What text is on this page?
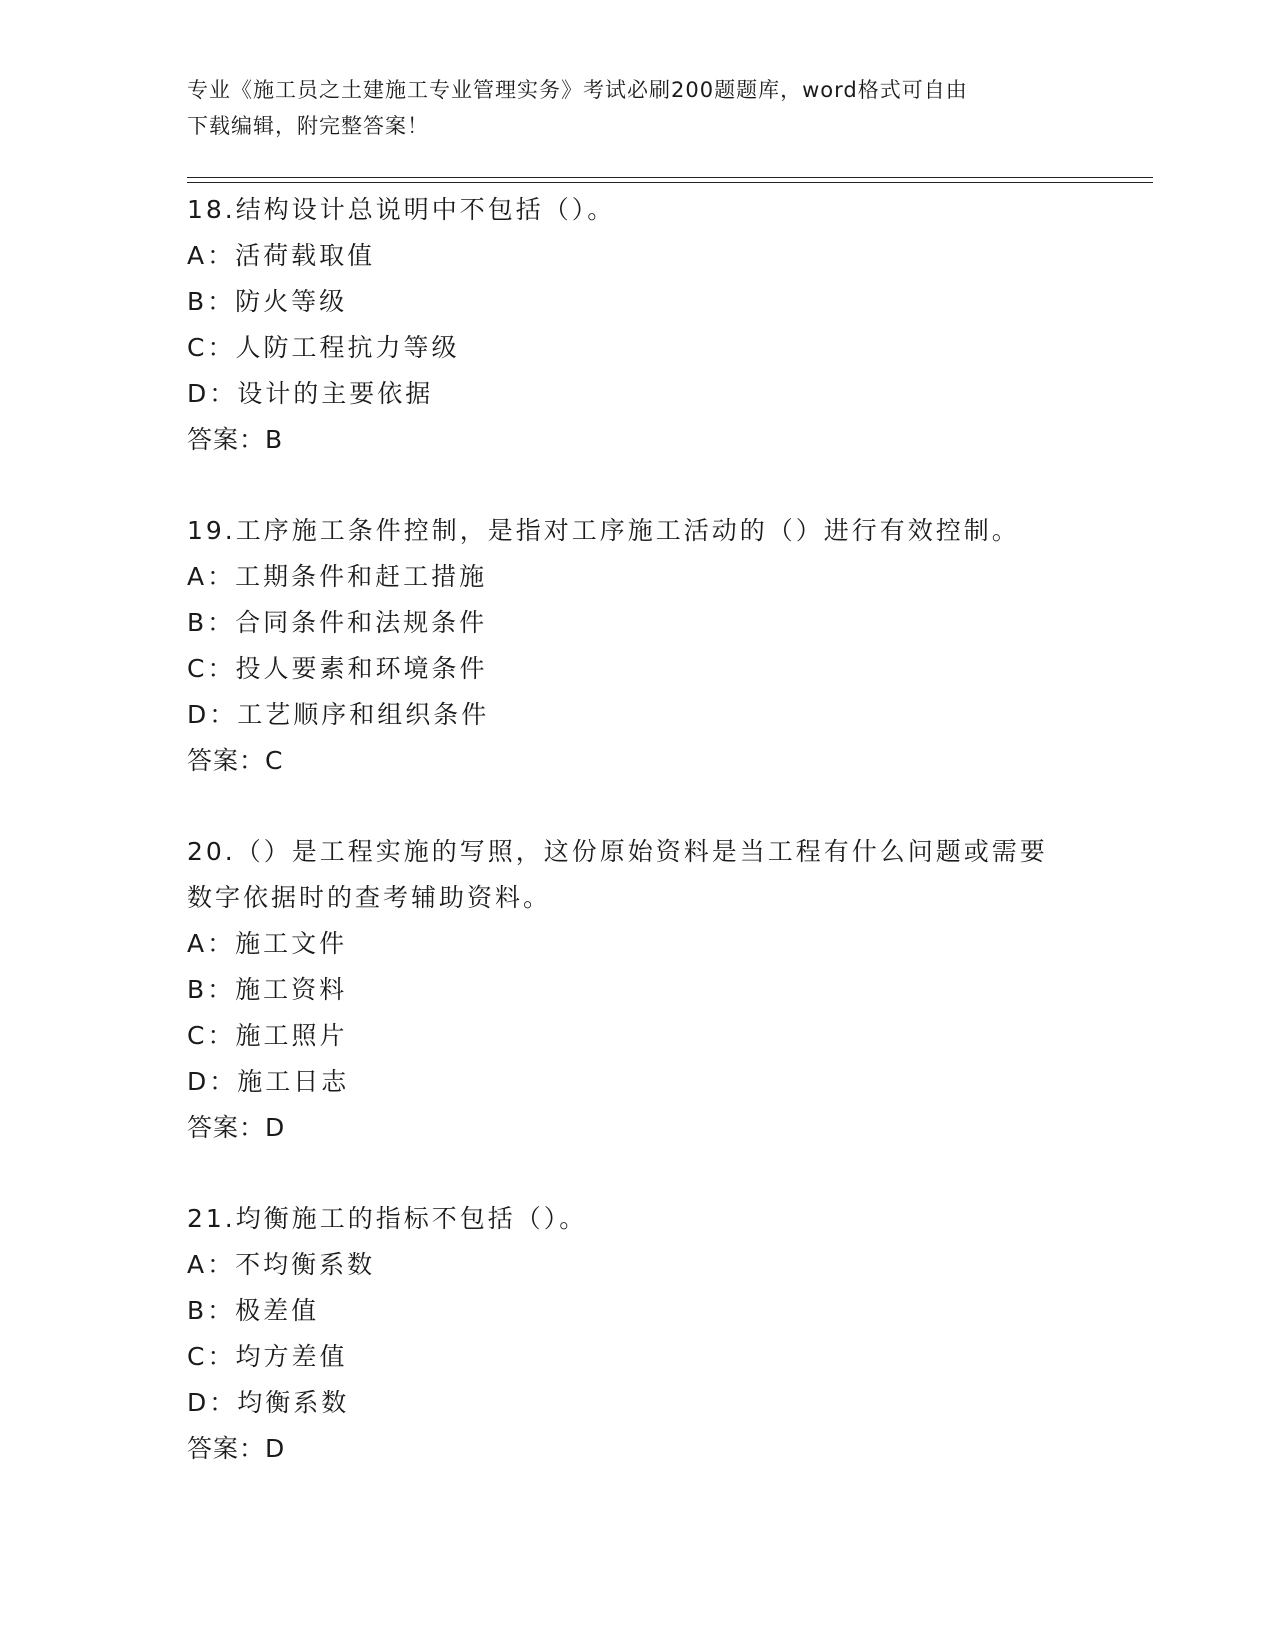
专业《施工员之土建施工专业管理实务》考试必刷200题题库，word格式可自由
下载编辑，附完整答案！
18.结构设计总说明中不包括（）。
A：活荷载取值
B：防火等级
C：人防工程抗力等级
D：设计的主要依据
答案：B
19.工序施工条件控制，是指对工序施工活动的（）进行有效控制。
A：工期条件和赶工措施
B：合同条件和法规条件
C：投人要素和环境条件
D：工艺顺序和组织条件
答案：C
20.（）是工程实施的写照，这份原始资料是当工程有什么问题或需要
数字依据时的查考辅助资料。
A：施工文件
B：施工资料
C：施工照片
D：施工日志
答案：D
21.均衡施工的指标不包括（）。
A：不均衡系数
B：极差值
C：均方差值
D：均衡系数
答案：D
